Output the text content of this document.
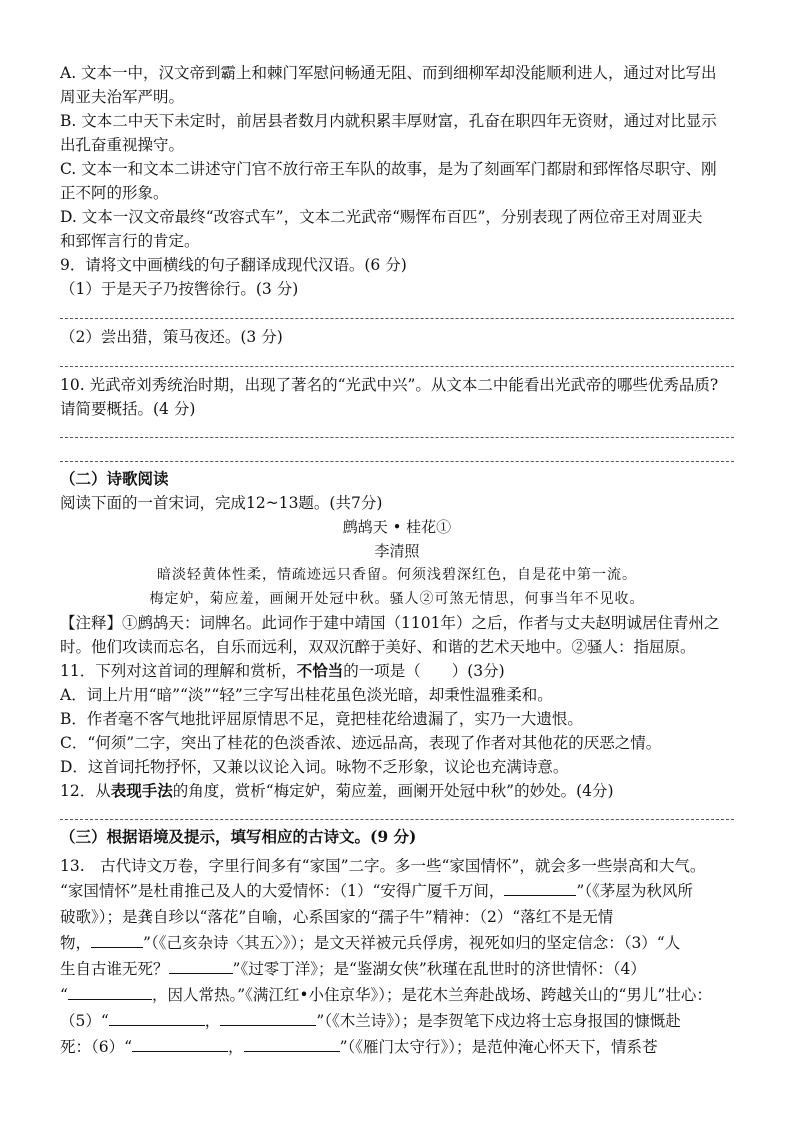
A. 文本一中，汉文帝到霸上和棘门军慰问畅通无阻、而到细柳军却没能顺利进人，通过对比写出
周亚夫治军严明。
B. 文本二中天下未定时，前居县者数月内就积累丰厚财富，孔奋在职四年无资财，通过对比显示
出孔奋重视操守。
C. 文本一和文本二讲述守门官不放行帝王车队的故事，是为了刻画军门都尉和郅恽恪尽职守、刚
正不阿的形象。
D. 文本一汉文帝最终“改容式车”，文本二光武帝“赐恽布百匹”，分别表现了两位帝王对周亚夫
和郅恽言行的肯定。
9．请将文中画横线的句子翻译成现代汉语。(6 分)
（1）于是天子乃按辔徐行。(3 分)
（2）尝出猎，策马夜还。(3 分)
10. 光武帝刘秀统治时期，出现了著名的“光武中兴”。从文本二中能看出光武帝的哪些优秀品质?
请简要概括。(4 分)
（二）诗歌阅读
阅读下面的一首宋词，完成12~13题。(共7分)
鹧鸪天 • 桂花①
李清照
暗淡轻黄体性柔，情疏迹远只香留。何须浅碧深红色，自是花中第一流。
梅定妒，菊应羞，画阑开处冠中秋。骚人②可煞无情思，何事当年不见收。
【注释】①鹧鸪天：词牌名。此词作于建中靖国（1101年）之后，作者与丈夫赵明诚居住青州之
时。他们攻读而忘名，自乐而远利，双双沉醉于美好、和谐的艺术天地中。②骚人：指屈原。
11．下列对这首词的理解和赏析，不恰当的一项是（　　）(3分)
A．词上片用“暗”“淡”“轻”三字写出桂花虽色淡光暗，却秉性温雅柔和。
B．作者毫不客气地批评屈原情思不足，竟把桂花给遗漏了，实乃一大遗恨。
C．“何须”二字，突出了桂花的色淡香浓、迹远品高，表现了作者对其他花的厌恶之情。
D．这首词托物抒怀，又兼以议论入词。咏物不乏形象，议论也充满诗意。
12．从表现手法的角度，赏析“梅定妒，菊应羞，画阑开处冠中秋”的妙处。(4分)
（三）根据语境及提示，填写相应的古诗文。(9 分)
13.　古代诗文万卷，字里行间多有“家国”二字。多一些“家国情怀”，就会多一些崇高和大气。
“家国情怀”是杜甫推己及人的大爱情怀：（1）“安得广厦千万间，	”（《茅屋为秋风所
破歌》）；是龚自珍以“落花”自喻，心系国家的“孺子牛”精神：（2）“落红不是无情
物，	”（《己亥杂诗〈其五〉》）；是文天祥被元兵俘虏，视死如归的坚定信念：（3）“人
生自古谁无死？	”《过零丁洋》；是“鉴湖女侠”秋瑾在乱世时的济世情怀：（4）
“	，因人常热。”《满江红•小住京华》）；是花木兰奔赴战场、跨越关山的“男儿”壮心：
（5）“	，	”（《木兰诗》）；是李贺笔下戍边将士忘身报国的慷慨赴
死：（6）“	，	”（《雁门太守行》）；是范仲淹心怀天下，情系苍
